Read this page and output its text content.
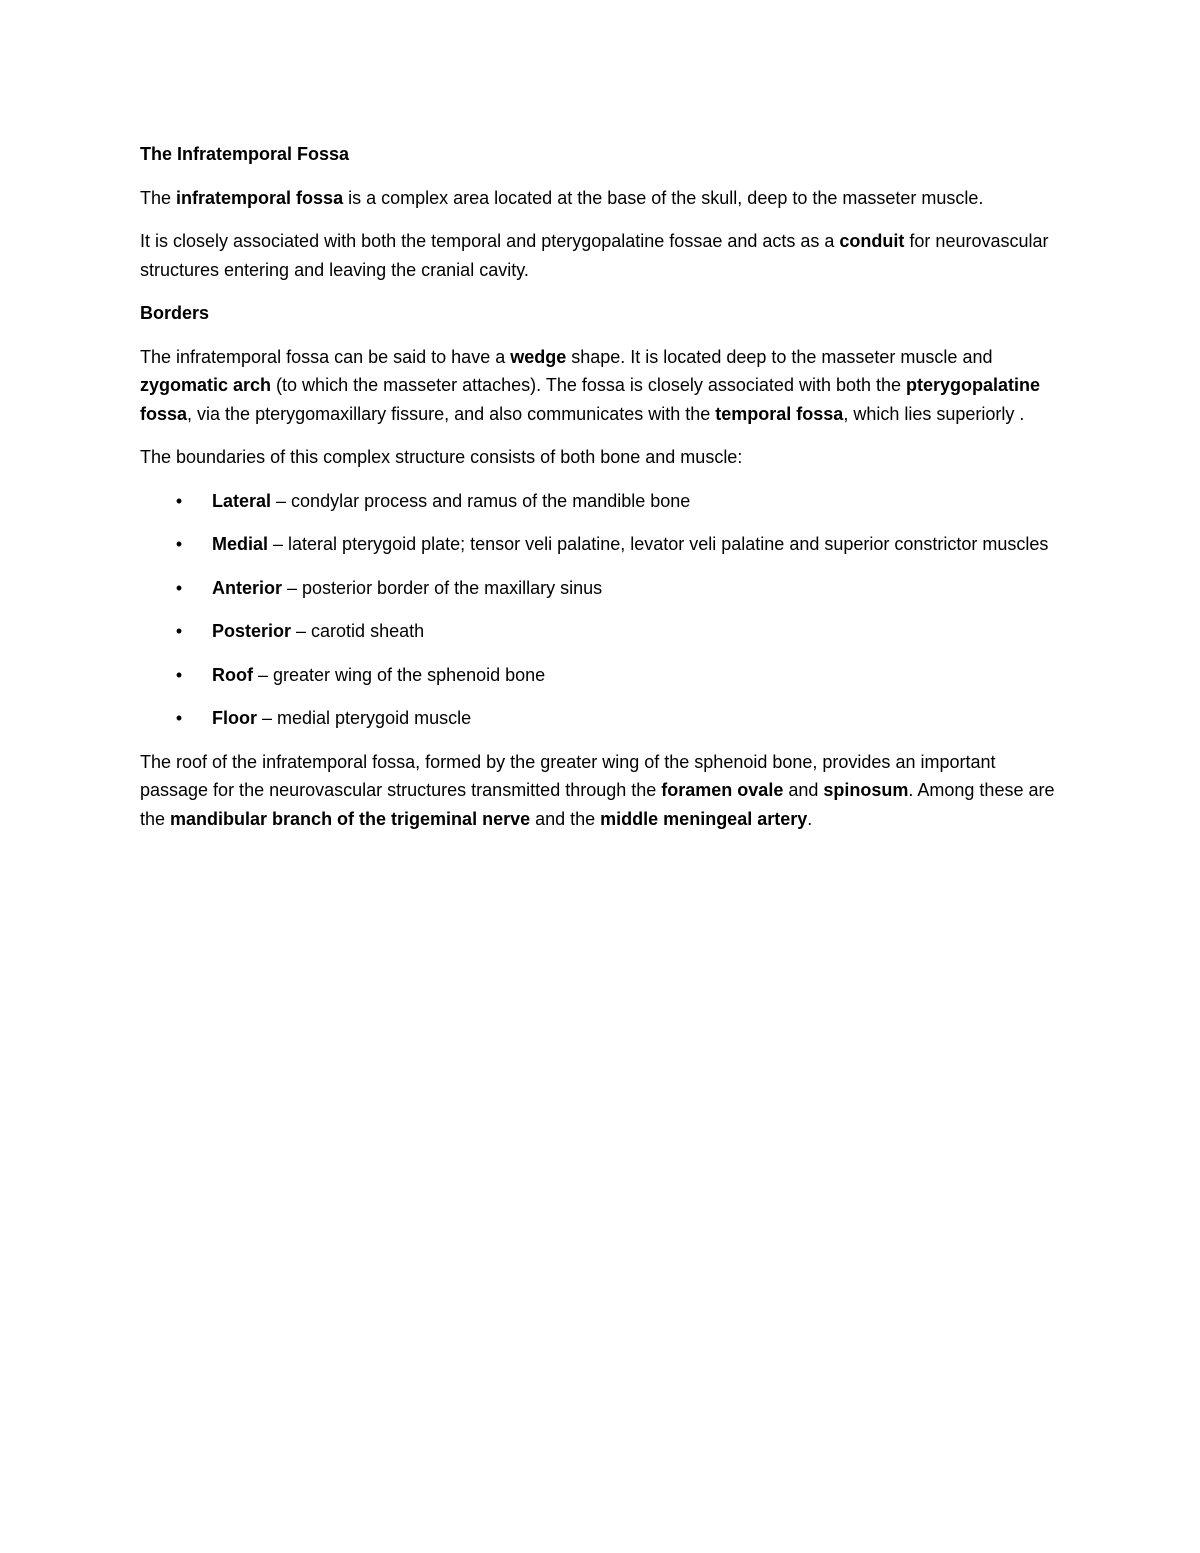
The Infratemporal Fossa

The infratemporal fossa is a complex area located at the base of the skull, deep to the masseter muscle.

It is closely associated with both the temporal and pterygopalatine fossae and acts as a conduit for neurovascular structures entering and leaving the cranial cavity.

Borders

The infratemporal fossa can be said to have a wedge shape. It is located deep to the masseter muscle and zygomatic arch (to which the masseter attaches). The fossa is closely associated with both the pterygopalatine fossa, via the pterygomaxillary fissure, and also communicates with the temporal fossa, which lies superiorly .

The boundaries of this complex structure consists of both bone and muscle:

• Lateral – condylar process and ramus of the mandible bone
• Medial – lateral pterygoid plate; tensor veli palatine, levator veli palatine and superior constrictor muscles
• Anterior – posterior border of the maxillary sinus
• Posterior – carotid sheath
• Roof – greater wing of the sphenoid bone
• Floor – medial pterygoid muscle

The roof of the infratemporal fossa, formed by the greater wing of the sphenoid bone, provides an important passage for the neurovascular structures transmitted through the foramen ovale and spinosum. Among these are the mandibular branch of the trigeminal nerve and the middle meningeal artery.
